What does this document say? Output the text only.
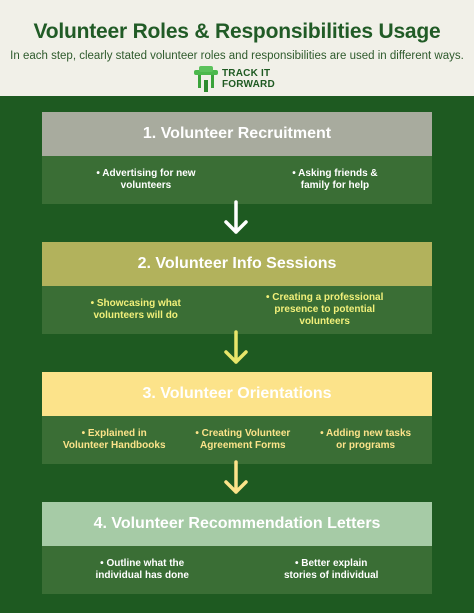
Volunteer Roles & Responsibilities Usage
In each step, clearly stated volunteer roles and responsibilities are used in different ways.
TRACK IT
FORWARD
1. Volunteer Recruitment
• Advertising for new
volunteers
• Asking friends &
family for help
2. Volunteer Info Sessions
• Showcasing what
volunteers will do
• Creating a professional
presence to potential
volunteers
3. Volunteer Orientations
• Explained in
Volunteer Handbooks
• Creating Volunteer
Agreement Forms
• Adding new tasks
or programs
4. Volunteer Recommendation Letters
• Outline what the
individual has done
• Better explain
stories of individual
